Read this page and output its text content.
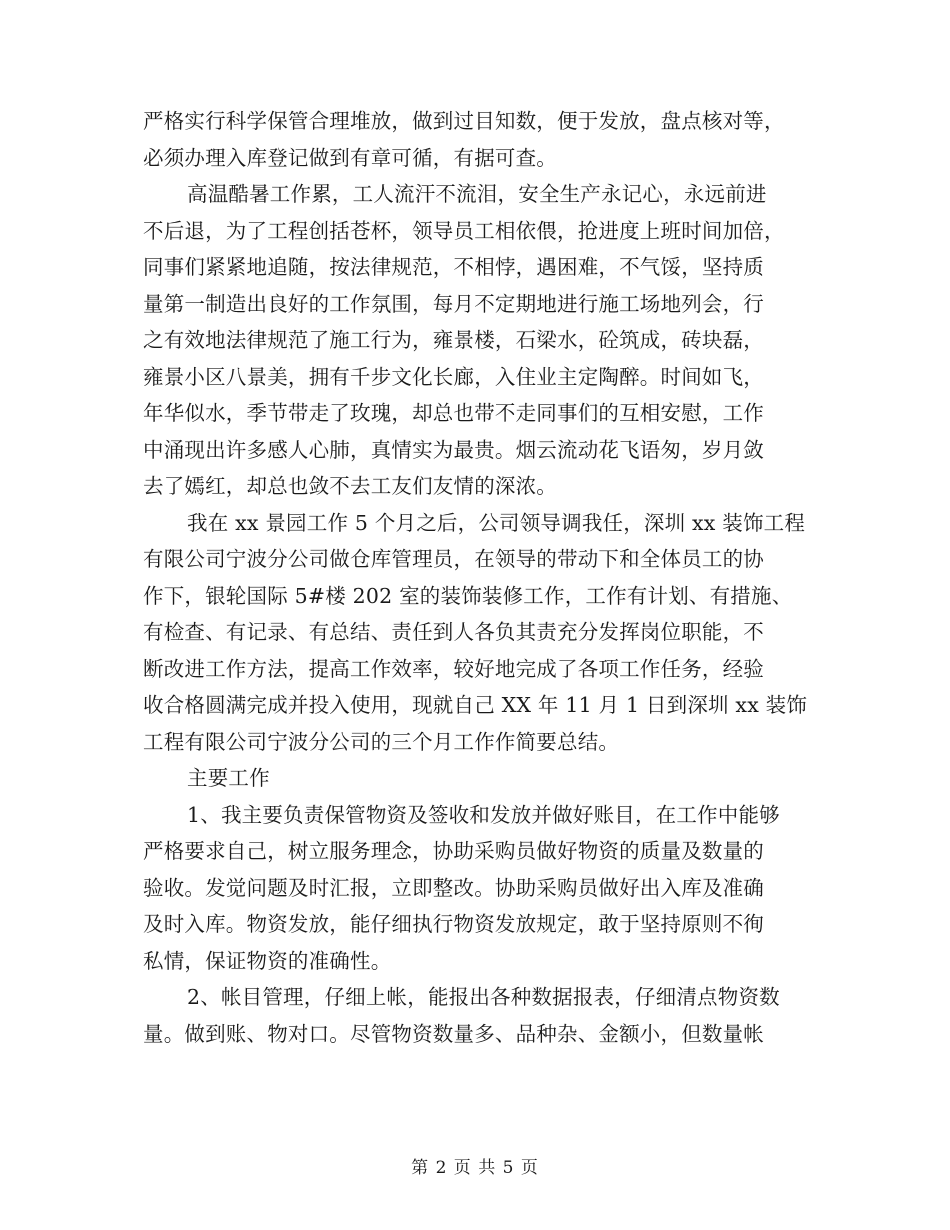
严格实行科学保管合理堆放，做到过目知数，便于发放，盘点核对等，
必须办理入库登记做到有章可循，有据可查。
高温酷暑工作累，工人流汗不流泪，安全生产永记心，永远前进
不后退，为了工程创括苍杯，领导员工相依偎，抢进度上班时间加倍，
同事们紧紧地追随，按法律规范，不相悖，遇困难，不气馁，坚持质
量第一制造出良好的工作氛围，每月不定期地进行施工场地列会，行
之有效地法律规范了施工行为，雍景楼，石梁水，砼筑成，砖块磊，
雍景小区八景美，拥有千步文化长廊，入住业主定陶醉。时间如飞，
年华似水，季节带走了玫瑰，却总也带不走同事们的互相安慰，工作
中涌现出许多感人心肺，真情实为最贵。烟云流动花飞语匆，岁月敛
去了嫣红，却总也敛不去工友们友情的深浓。
我在 xx 景园工作 5 个月之后，公司领导调我任，深圳 xx 装饰工程
有限公司宁波分公司做仓库管理员，在领导的带动下和全体员工的协
作下，银轮国际 5#楼 202 室的装饰装修工作，工作有计划、有措施、
有检查、有记录、有总结、责任到人各负其责充分发挥岗位职能，不
断改进工作方法，提高工作效率，较好地完成了各项工作任务，经验
收合格圆满完成并投入使用，现就自己 XX 年 11 月 1 日到深圳 xx 装饰
工程有限公司宁波分公司的三个月工作作简要总结。
主要工作
1、我主要负责保管物资及签收和发放并做好账目，在工作中能够
严格要求自己，树立服务理念，协助采购员做好物资的质量及数量的
验收。发觉问题及时汇报，立即整改。协助采购员做好出入库及准确
及时入库。物资发放，能仔细执行物资发放规定，敢于坚持原则不徇
私情，保证物资的准确性。
2、帐目管理，仔细上帐，能报出各种数据报表，仔细清点物资数
量。做到账、物对口。尽管物资数量多、品种杂、金额小，但数量帐
第 2 页 共 5 页
